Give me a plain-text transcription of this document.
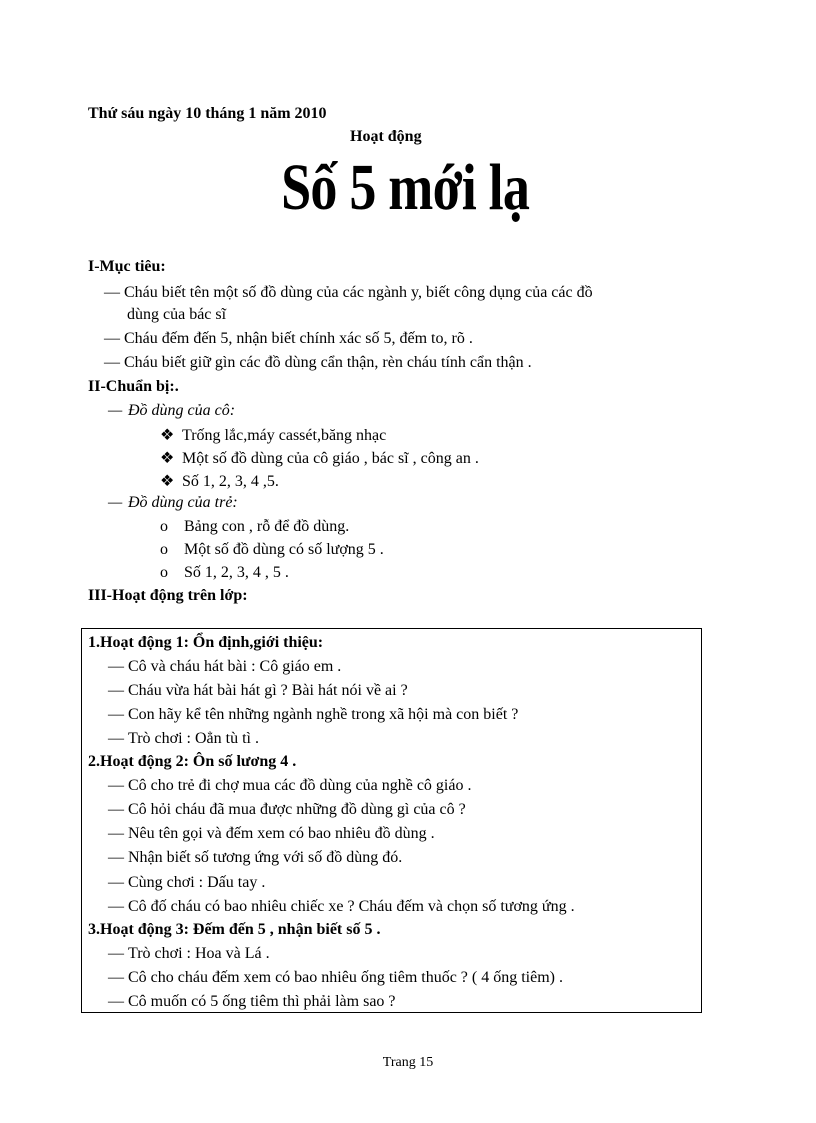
Thứ sáu ngày 10 tháng 1 năm 2010
Hoạt động
Số 5 mới lạ
I-Mục tiêu:
— Cháu biết tên một số đồ dùng của các ngành y, biết công dụng của các đồ
dùng của bác sĩ
— Cháu đếm đến 5, nhận biết chính xác số 5, đếm to, rõ .
— Cháu biết giữ gìn các đồ dùng cẩn thận, rèn cháu tính cẩn thận .
II-Chuẩn bị:.
— Đồ dùng của cô:
❖ Trống lắc,máy cassét,băng nhạc
❖ Một số đồ dùng của cô giáo , bác sĩ , công an .
❖ Số 1, 2, 3, 4 ,5.
— Đồ dùng của trẻ:
o Bảng con , rỗ để đồ dùng.
o Một số đồ dùng có số lượng 5 .
o Số 1, 2, 3, 4 , 5 .
III-Hoạt động trên lớp:
1.Hoạt động 1: Ổn định,giới thiệu:
— Cô và cháu hát bài : Cô giáo em .
— Cháu vừa hát bài hát gì ? Bài hát nói về ai ?
— Con hãy kể tên những ngành nghề trong xã hội mà con biết ?
— Trò chơi : Oẳn tù tì .
2.Hoạt động 2: Ôn số lương 4 .
— Cô cho trẻ đi chợ mua các đồ dùng của nghề cô giáo .
— Cô hỏi cháu đã mua được những đồ dùng gì của cô ?
— Nêu tên gọi và đếm xem có bao nhiêu đồ dùng .
— Nhận biết số tương ứng với số đồ dùng đó.
— Cùng chơi : Dấu tay .
— Cô đố cháu có bao nhiêu chiếc xe ? Cháu đếm và chọn số tương ứng .
3.Hoạt động 3: Đếm đến 5 , nhận biết số 5 .
— Trò chơi : Hoa và Lá .
— Cô cho cháu đếm xem có bao nhiêu ống tiêm thuốc ? ( 4 ống tiêm) .
— Cô muốn có 5 ống tiêm thì phải làm sao ?
Trang 15
